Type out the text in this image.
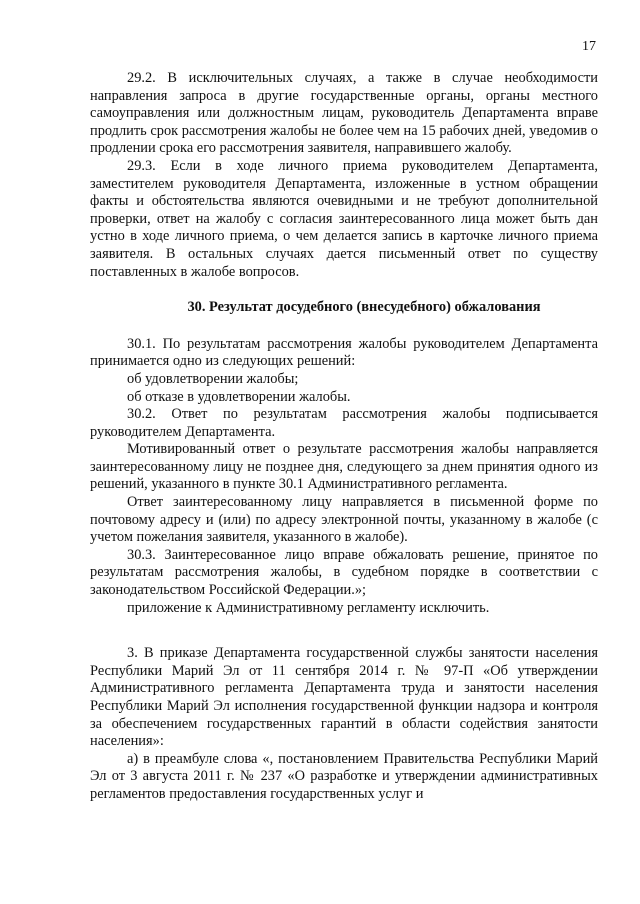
17

29.2. В исключительных случаях, а также в случае необходимости направления запроса в другие государственные органы, органы местного самоуправления или должностным лицам, руководитель Департамента вправе продлить срок рассмотрения жалобы не более чем на 15 рабочих дней, уведомив о продлении срока его рассмотрения заявителя, направившего жалобу.

29.3. Если в ходе личного приема руководителем Департамента, заместителем руководителя Департамента, изложенные в устном обращении факты и обстоятельства являются очевидными и не требуют дополнительной проверки, ответ на жалобу с согласия заинтересованного лица может быть дан устно в ходе личного приема, о чем делается запись в карточке личного приема заявителя. В остальных случаях дается письменный ответ по существу поставленных в жалобе вопросов.

30. Результат досудебного (внесудебного) обжалования

30.1. По результатам рассмотрения жалобы руководителем Департамента принимается одно из следующих решений:

об удовлетворении жалобы;

об отказе в удовлетворении жалобы.

30.2. Ответ по результатам рассмотрения жалобы подписывается руководителем Департамента.

Мотивированный ответ о результате рассмотрения жалобы направляется заинтересованному лицу не позднее дня, следующего за днем принятия одного из решений, указанного в пункте 30.1 Административного регламента.

Ответ заинтересованному лицу направляется в письменной форме по почтовому адресу и (или) по адресу электронной почты, указанному в жалобе (с учетом пожелания заявителя, указанного в жалобе).

30.3. Заинтересованное лицо вправе обжаловать решение, принятое по результатам рассмотрения жалобы, в судебном порядке в соответствии с законодательством Российской Федерации.»;

приложение к Административному регламенту исключить.

3. В приказе Департамента государственной службы занятости населения Республики Марий Эл от 11 сентября 2014 г. № 97-П «Об утверждении Административного регламента Департамента труда и занятости населения Республики Марий Эл исполнения государственной функции надзора и контроля за обеспечением государственных гарантий в области содействия занятости населения»:

а) в преамбуле слова «, постановлением Правительства Республики Марий Эл от 3 августа 2011 г. № 237 «О разработке и утверждении административных регламентов предоставления государственных услуг и
